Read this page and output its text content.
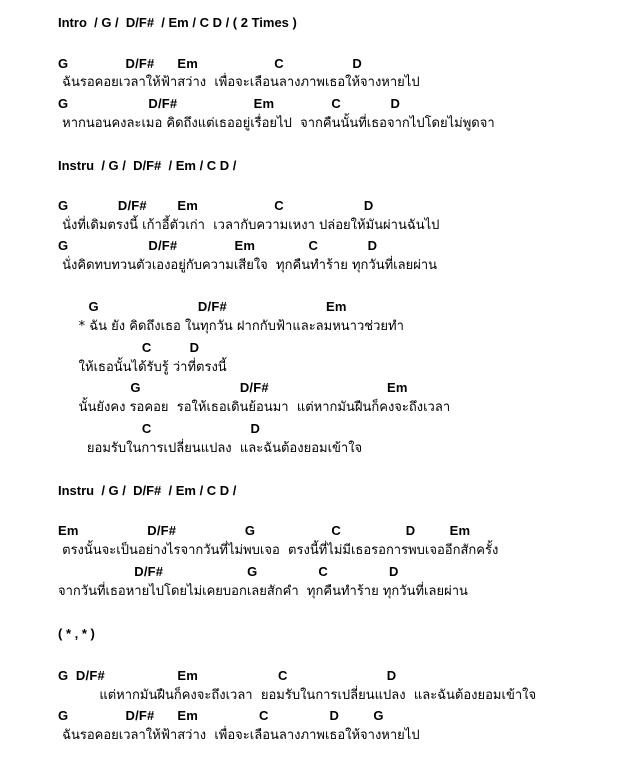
Intro  / G /  D/F#  / Em / C D / ( 2 Times )
G               D/F#      Em                    C                  D
ฉันรอคอยเวลาให้ฟ้าสว่าง  เพื่อจะเลือนลางภาพเธอให้จางหายไป
G                     D/F#                    Em               C             D
หากนอนคงละเมอ คิดถึงแต่เธออยู่เรื่อยไป  จากคืนนั้นที่เธอจากไปโดยไม่พูดจา
Instru  / G /  D/F#  / Em / C D /
G             D/F#        Em                    C                     D
นั่งที่เดิมตรงนี้ เก้าอี้ตัวเก่า  เวลากับความเหงา ปล่อยให้มันผ่านฉันไป
G                     D/F#               Em              C             D
นั่งคิดทบทวนตัวเองอยู่กับความเสียใจ  ทุกคืนทำร้าย ทุกวันที่เลยผ่าน
G                          D/F#                          Em
* ฉัน ยัง คิดถึงเธอ ในทุกวัน ฝากกับฟ้าและลมหนาวช่วยทำ
C          D
ให้เธอนั้นได้รับรู้ ว่าที่ตรงนี้
G                          D/F#                               Em
นั้นยังคง รอคอย  รอให้เธอเดินย้อนมา  แต่หากมันฝืนก็คงจะถึงเวลา
C                          D
ยอมรับในการเปลี่ยนแปลง  และฉันต้องยอมเข้าใจ
Instru  / G /  D/F#  / Em / C D /
Em                  D/F#                  G                    C                 D         Em
ตรงนั้นจะเป็นอย่างไรจากวันที่ไม่พบเจอ  ตรงนี้ที่ไม่มีเธอรอการพบเจออีกสักครั้ง
D/F#                      G                C                D
จากวันที่เธอหายไปโดยไม่เคยบอกเลยสักคำ  ทุกคืนทำร้าย ทุกวันที่เลยผ่าน
( * , * )
G  D/F#                   Em                     C                          D
แต่หากมันฝืนก็คงจะถึงเวลา  ยอมรับในการเปลี่ยนแปลง  และฉันต้องยอมเข้าใจ
G               D/F#      Em                C                D         G
ฉันรอคอยเวลาให้ฟ้าสว่าง  เพื่อจะเลือนลางภาพเธอให้จางหายไป
